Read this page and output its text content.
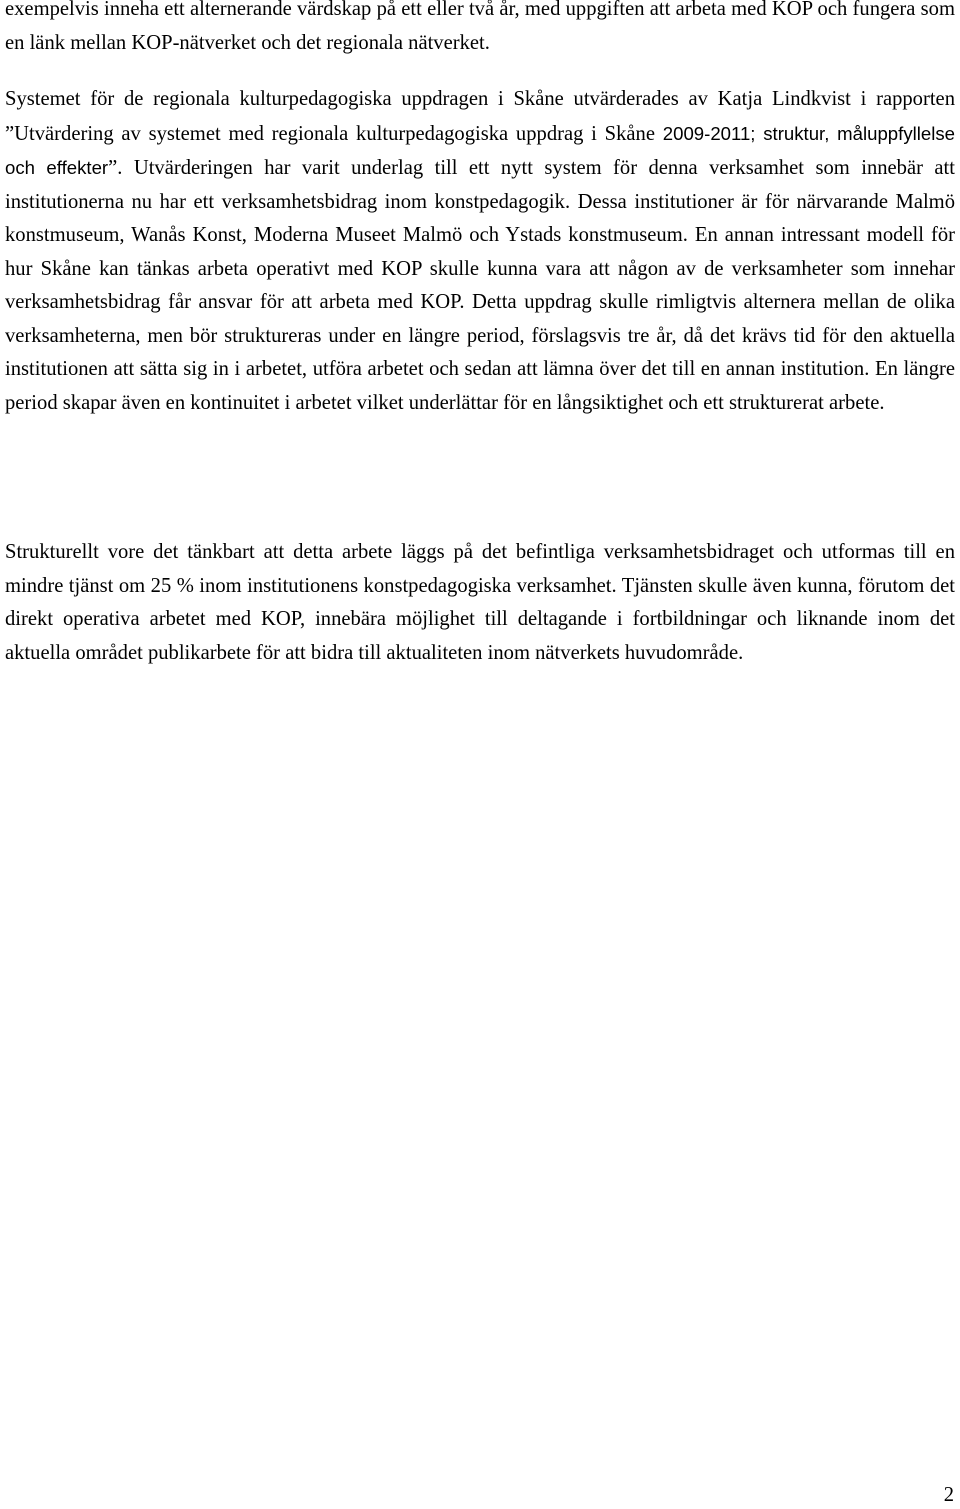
exempelvis inneha ett alternerande värdskap på ett eller två år, med uppgiften att arbeta med KOP och fungera som en länk mellan KOP-nätverket och det regionala nätverket.

Systemet för de regionala kulturpedagogiska uppdragen i Skåne utvärderades av Katja Lindkvist i rapporten ”Utvärdering av systemet med regionala kulturpedagogiska uppdrag i Skåne 2009-2011; struktur, måluppfyllelse och effekter”. Utvärderingen har varit underlag till ett nytt system för denna verksamhet som innebär att institutionerna nu har ett verksamhetsbidrag inom konstpedagogik. Dessa institutioner är för närvarande Malmö konstmuseum, Wanås Konst, Moderna Museet Malmö och Ystads konstmuseum. En annan intressant modell för hur Skåne kan tänkas arbeta operativt med KOP skulle kunna vara att någon av de verksamheter som innehar verksamhetsbidrag får ansvar för att arbeta med KOP. Detta uppdrag skulle rimligtvis alternera mellan de olika verksamheterna, men bör struktureras under en längre period, förslagsvis tre år, då det krävs tid för den aktuella institutionen att sätta sig in i arbetet, utföra arbetet och sedan att lämna över det till en annan institution. En längre period skapar även en kontinuitet i arbetet vilket underlättar för en långsiktighet och ett strukturerat arbete.

Strukturellt vore det tänkbart att detta arbete läggs på det befintliga verksamhetsbidraget och utformas till en mindre tjänst om 25 % inom institutionens konstpedagogiska verksamhet. Tjänsten skulle även kunna, förutom det direkt operativa arbetet med KOP, innebära möjlighet till deltagande i fortbildningar och liknande inom det aktuella området publikarbete för att bidra till aktualiteten inom nätverkets huvudområde.

2
